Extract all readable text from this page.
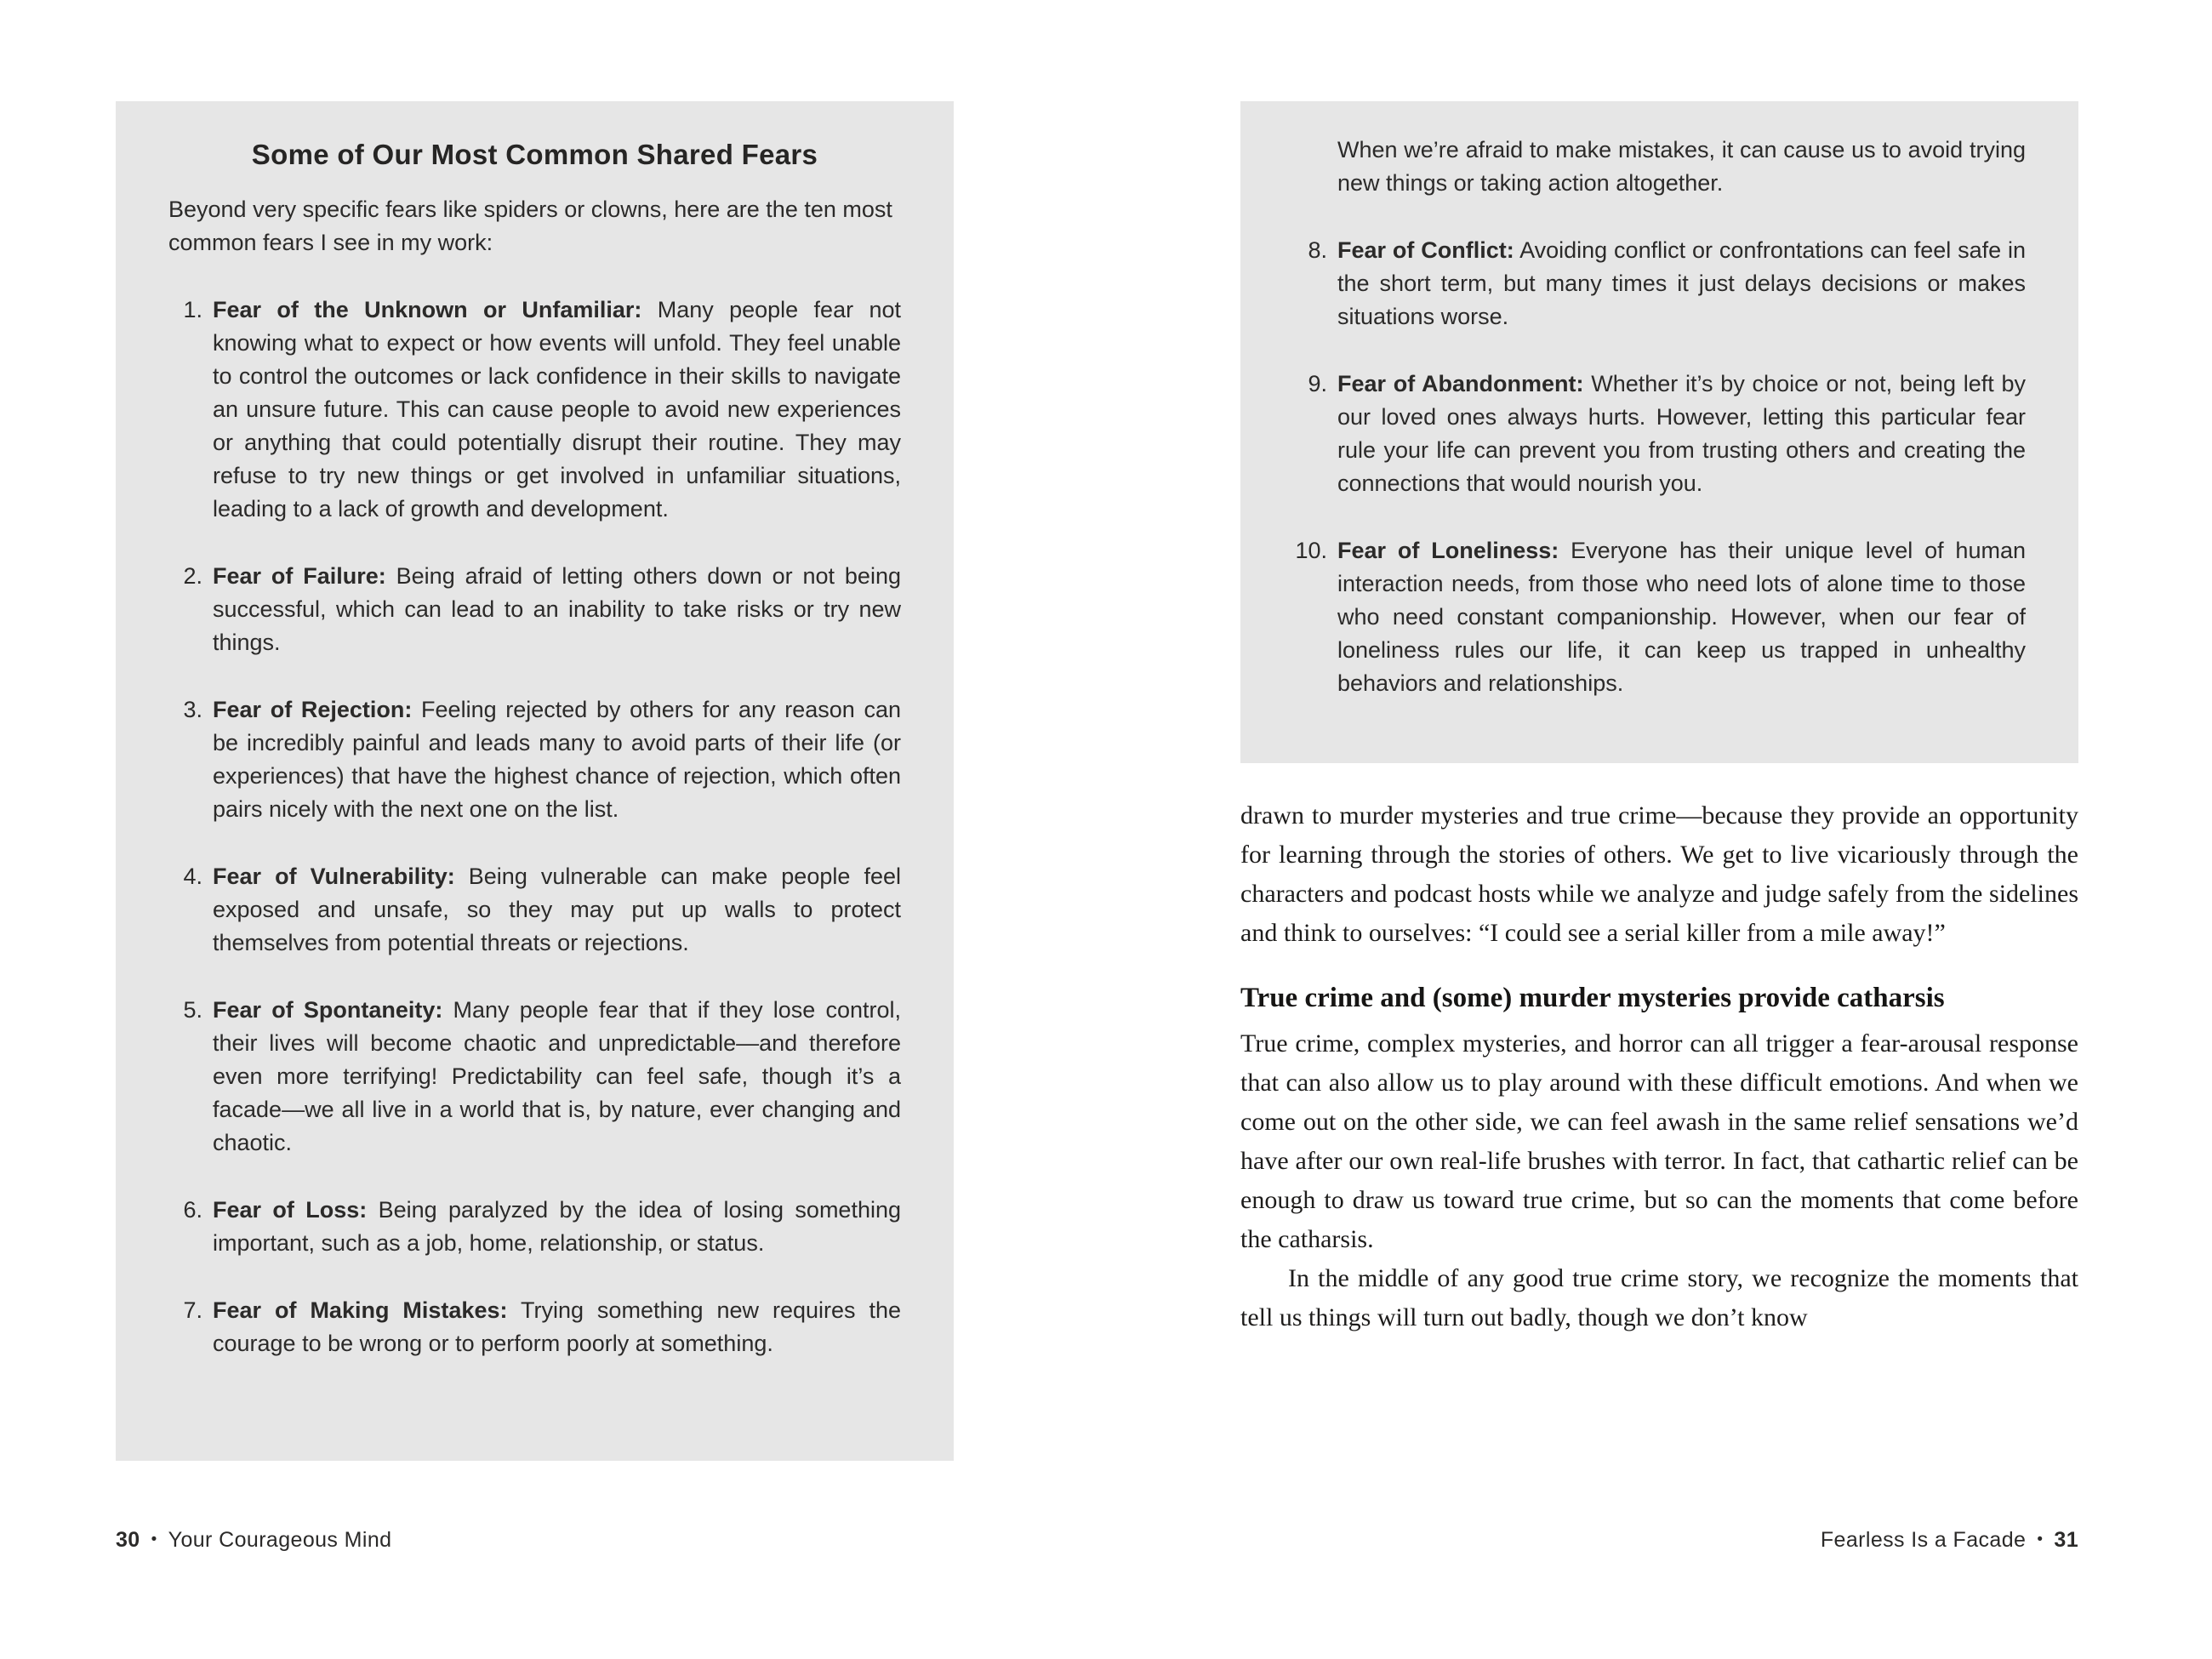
Some of Our Most Common Shared Fears

Beyond very specific fears like spiders or clowns, here are the ten most common fears I see in my work:

1. Fear of the Unknown or Unfamiliar: Many people fear not knowing what to expect or how events will unfold. They feel unable to control the outcomes or lack confidence in their skills to navigate an unsure future. This can cause people to avoid new experiences or anything that could potentially disrupt their routine. They may refuse to try new things or get involved in unfamiliar situations, leading to a lack of growth and development.
2. Fear of Failure: Being afraid of letting others down or not being successful, which can lead to an inability to take risks or try new things.
3. Fear of Rejection: Feeling rejected by others for any reason can be incredibly painful and leads many to avoid parts of their life (or experiences) that have the highest chance of rejection, which often pairs nicely with the next one on the list.
4. Fear of Vulnerability: Being vulnerable can make people feel exposed and unsafe, so they may put up walls to protect themselves from potential threats or rejections.
5. Fear of Spontaneity: Many people fear that if they lose control, their lives will become chaotic and unpredictable—and therefore even more terrifying! Predictability can feel safe, though it’s a facade—we all live in a world that is, by nature, ever changing and chaotic.
6. Fear of Loss: Being paralyzed by the idea of losing something important, such as a job, home, relationship, or status.
7. Fear of Making Mistakes: Trying something new requires the courage to be wrong or to perform poorly at something.
30 • Your Courageous Mind

When we’re afraid to make mistakes, it can cause us to avoid trying new things or taking action altogether.

8. Fear of Conflict: Avoiding conflict or confrontations can feel safe in the short term, but many times it just delays decisions or makes situations worse.
9. Fear of Abandonment: Whether it’s by choice or not, being left by our loved ones always hurts. However, letting this particular fear rule your life can prevent you from trusting others and creating the connections that would nourish you.
10. Fear of Loneliness: Everyone has their unique level of human interaction needs, from those who need lots of alone time to those who need constant companionship. However, when our fear of loneliness rules our life, it can keep us trapped in unhealthy behaviors and relationships.

drawn to murder mysteries and true crime—because they provide an opportunity for learning through the stories of others. We get to live vicariously through the characters and podcast hosts while we analyze and judge safely from the sidelines and think to ourselves: “I could see a serial killer from a mile away!”

True crime and (some) murder mysteries provide catharsis

True crime, complex mysteries, and horror can all trigger a fear-arousal response that can also allow us to play around with these difficult emotions. And when we come out on the other side, we can feel awash in the same relief sensations we’d have after our own real-life brushes with terror. In fact, that cathartic relief can be enough to draw us toward true crime, but so can the moments that come before the catharsis.

In the middle of any good true crime story, we recognize the moments that tell us things will turn out badly, though we don’t know

Fearless Is a Facade • 31
